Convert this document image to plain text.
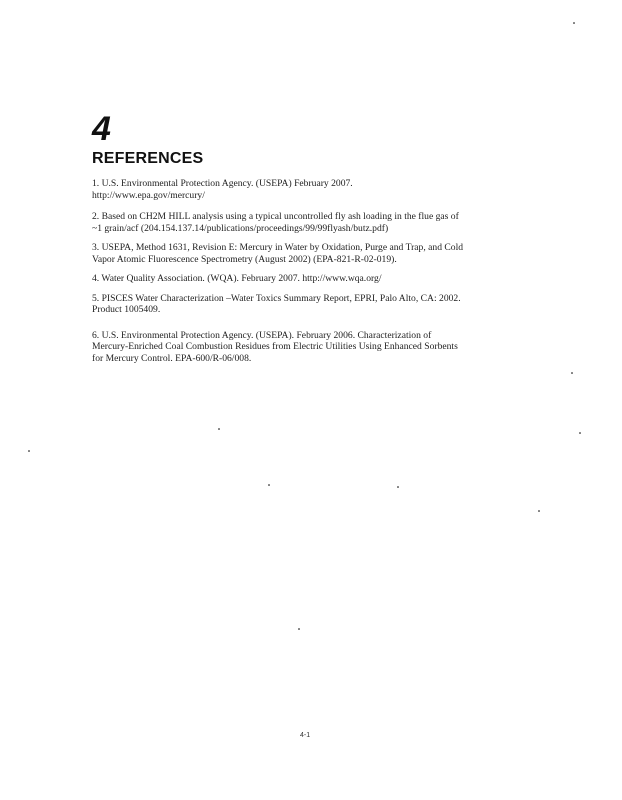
4
REFERENCES
1. U.S. Environmental Protection Agency. (USEPA) February 2007.
http://www.epa.gov/mercury/
2. Based on CH2M HILL analysis using a typical uncontrolled fly ash loading in the flue gas of
~1 grain/acf (204.154.137.14/publications/proceedings/99/99flyash/butz.pdf)
3. USEPA, Method 1631, Revision E: Mercury in Water by Oxidation, Purge and Trap, and Cold
Vapor Atomic Fluorescence Spectrometry (August 2002) (EPA-821-R-02-019).
4. Water Quality Association. (WQA). February 2007. http://www.wqa.org/
5. PISCES Water Characterization –Water Toxics Summary Report, EPRI, Palo Alto, CA: 2002.
Product 1005409.
6. U.S. Environmental Protection Agency. (USEPA). February 2006. Characterization of
Mercury-Enriched Coal Combustion Residues from Electric Utilities Using Enhanced Sorbents
for Mercury Control. EPA-600/R-06/008.
4-1
